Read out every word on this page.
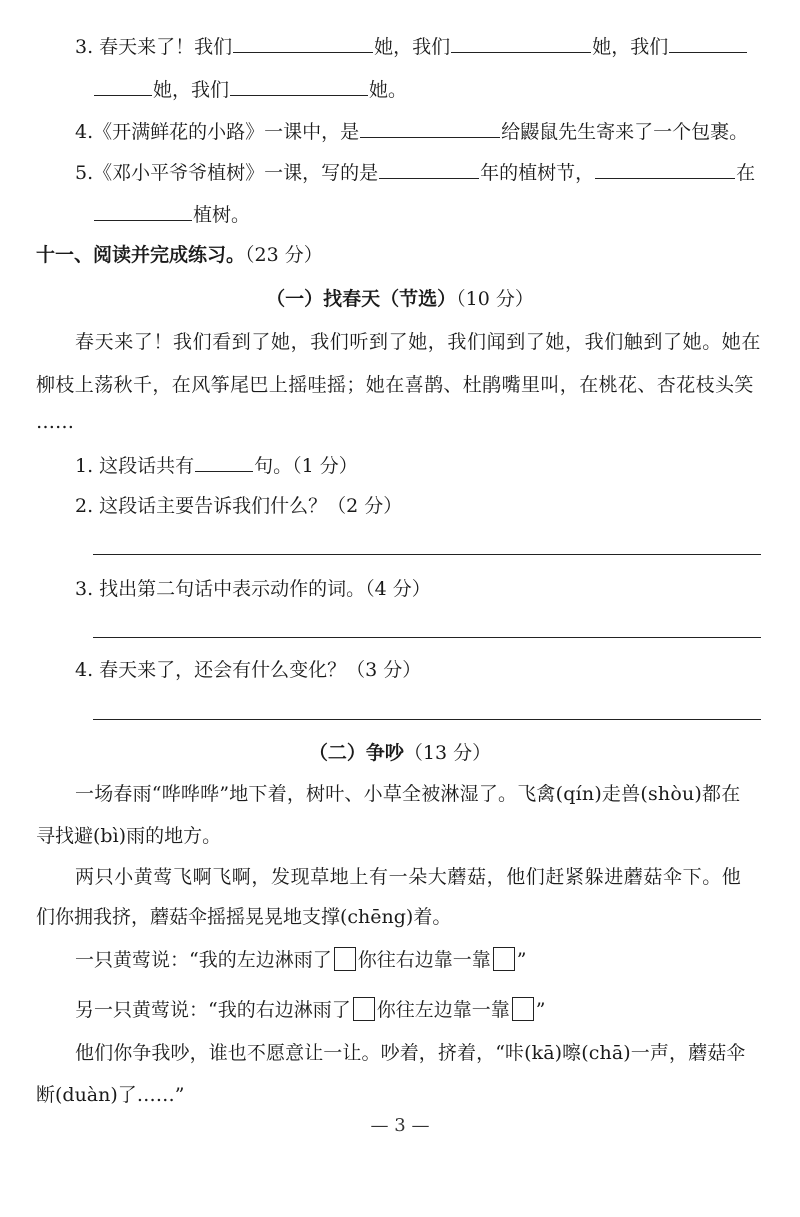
3. 春天来了！我们	她，我们	她，我们
她，我们	她。
4.《开满鲜花的小路》一课中，是	给鼹鼠先生寄来了一个包裹。
5.《邓小平爷爷植树》一课，写的是	年的植树节，	在
植树。
十一、阅读并完成练习。（23 分）
（一）找春天（节选）（10 分）
春天来了！我们看到了她，我们听到了她，我们闻到了她，我们触到了她。她在
柳枝上荡秋千，在风筝尾巴上摇哇摇；她在喜鹊、杜鹃嘴里叫，在桃花、杏花枝头笑
……
1. 这段话共有	句。（1 分）
2. 这段话主要告诉我们什么？（2 分）
3. 找出第二句话中表示动作的词。（4 分）
4. 春天来了，还会有什么变化？（3 分）
（二）争吵（13 分）
一场春雨“哗哗哗”地下着，树叶、小草全被淋湿了。飞禽(qín)走兽(shòu)都在
寻找避(bì)雨的地方。
两只小黄莺飞啊飞啊，发现草地上有一朵大蘑菇，他们赶紧躲进蘑菇伞下。他
们你拥我挤，蘑菇伞摇摇晃晃地支撑(chēng)着。
一只黄莺说：“我的左边淋雨了 你往右边靠一靠 ”
另一只黄莺说：“我的右边淋雨了 你往左边靠一靠 ”
他们你争我吵，谁也不愿意让一让。吵着，挤着，“咔(kā)嚓(chā)一声，蘑菇伞
断(duàn)了……”
— 3 —
